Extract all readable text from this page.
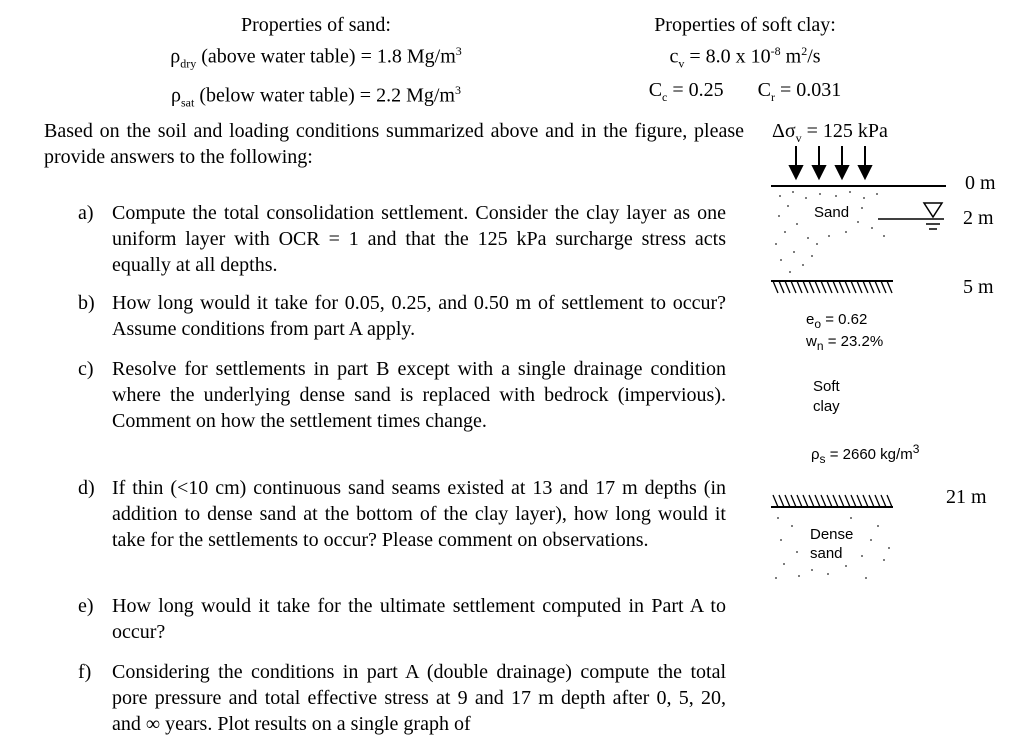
Properties of sand:
$\rho_{dry}$ (above water table) = 1.8 $Mg/m^3$
$\rho_{sat}$ (below water table) = 2.2 $Mg/m^3$
Properties of soft clay:
$c_v = 8.0$ x $10^{-8}$ $m^2/s$
$C_c = 0.25$ $C_r = 0.031$
Based on the soil and loading conditions summarized above and in the figure, please provide answers to the following:
a) Compute the total consolidation settlement. Consider the clay layer as one uniform layer with OCR = 1 and that the 125 kPa surcharge stress acts equally at all depths.
b) How long would it take for 0.05, 0.25, and 0.50 m of settlement to occur? Assume conditions from part A apply.
c) Resolve for settlements in part B except with a single drainage condition where the underlying dense sand is replaced with bedrock (impervious). Comment on how the settlement times change.
d) If thin (<10 cm) continuous sand seams existed at 13 and 17 m depths (in addition to dense sand at the bottom of the clay layer), how long would it take for the settlements to occur? Please comment on observations.
e) How long would it take for the ultimate settlement computed in Part A to occur?
f) Considering the conditions in part A (double drainage) compute the total pore pressure and total effective stress at 9 and 17 m depth after 0, 5, 20, and ∞ years. Plot results on a single graph of
$\Delta\sigma_v = 125$ kPa
Sand
$e_o = 0.62$
$w_n = 23.2\%$
Soft
clay
$\rho_s = 2660$ $kg/m^3$
Dense
sand
0 m
2 m
5 m
21 m
